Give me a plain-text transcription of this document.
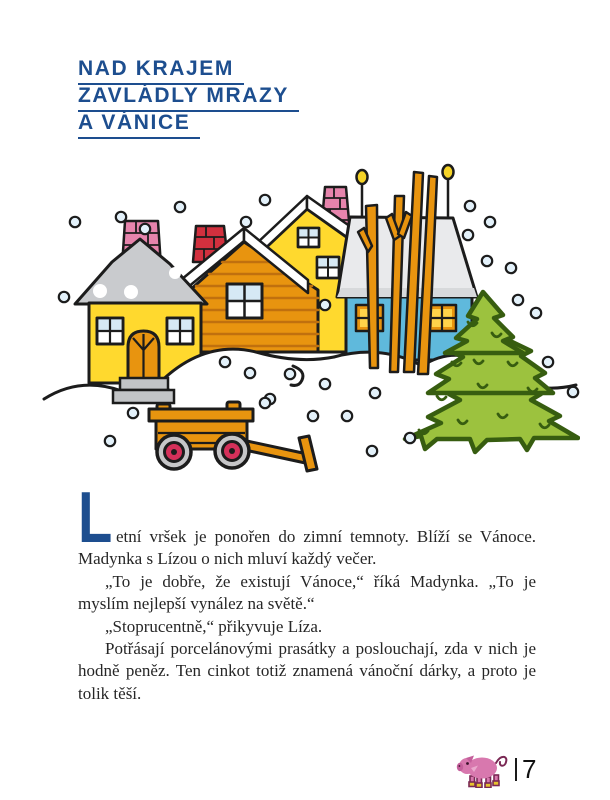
NAD KRAJEM
ZAVLÁDLY MRAZY
A VÁNICE
L etní vršek je ponořen do zimní temnoty. Blíží se Vánoce. Madynka s Lízou o nich mluví každý večer.

„To je dobře, že existují Vánoce,“ říká Madynka. „To je myslím nejlepší vynález na světě.“

„Stoprucentně,“ přikyvuje Líza.

Potřásají porcelánovými prasátky a poslouchají, zda v nich je hodně peněz. Ten cinkot totiž znamená vánoční dárky, a proto je tolik těší.

7
